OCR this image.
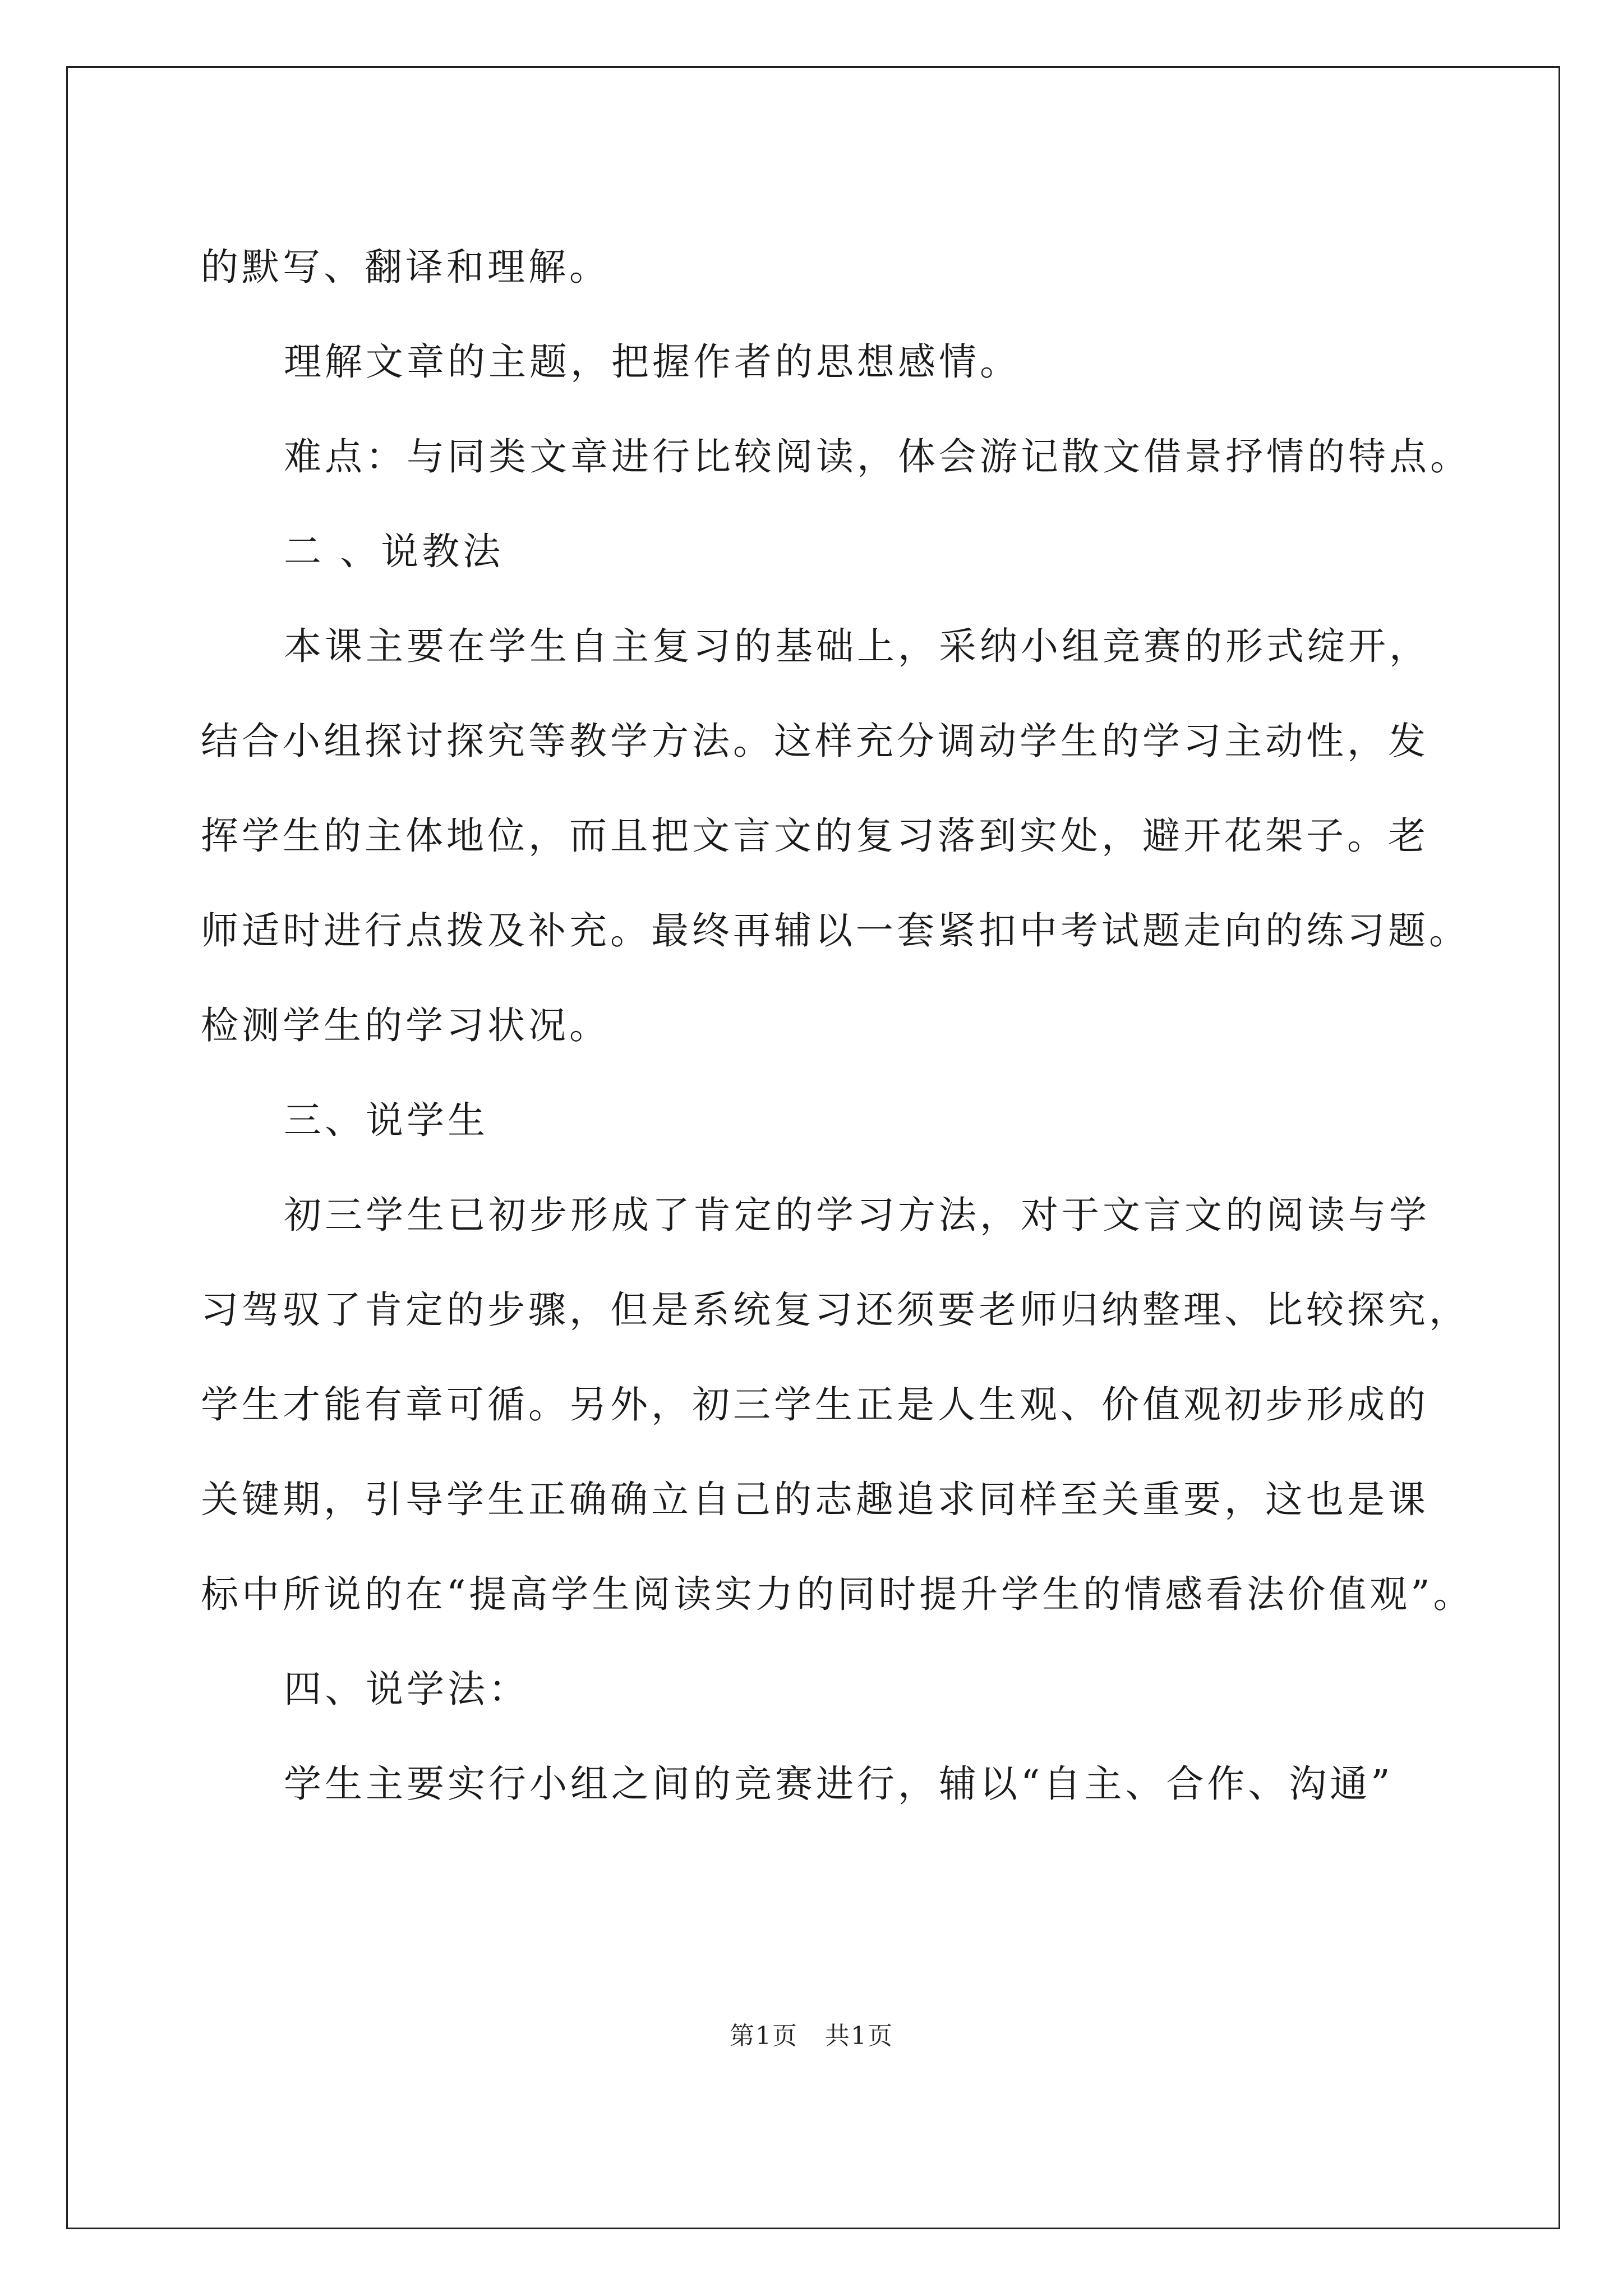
的默写、翻译和理解。

理解文章的主题，把握作者的思想感情。

难点：与同类文章进行比较阅读，体会游记散文借景抒情的特点。

二 、说教法

本课主要在学生自主复习的基础上，采纳小组竞赛的形式绽开，

结合小组探讨探究等教学方法。这样充分调动学生的学习主动性，发

挥学生的主体地位，而且把文言文的复习落到实处，避开花架子。老

师适时进行点拨及补充。最终再辅以一套紧扣中考试题走向的练习题。

检测学生的学习状况。

三、说学生

初三学生已初步形成了肯定的学习方法，对于文言文的阅读与学

习驾驭了肯定的步骤，但是系统复习还须要老师归纳整理、比较探究，

学生才能有章可循。另外，初三学生正是人生观、价值观初步形成的

关键期，引导学生正确确立自己的志趣追求同样至关重要，这也是课

标中所说的在“提高学生阅读实力的同时提升学生的情感看法价值观”。

四、说学法：

学生主要实行小组之间的竞赛进行，辅以“自主、合作、沟通”

第1页 共1页
